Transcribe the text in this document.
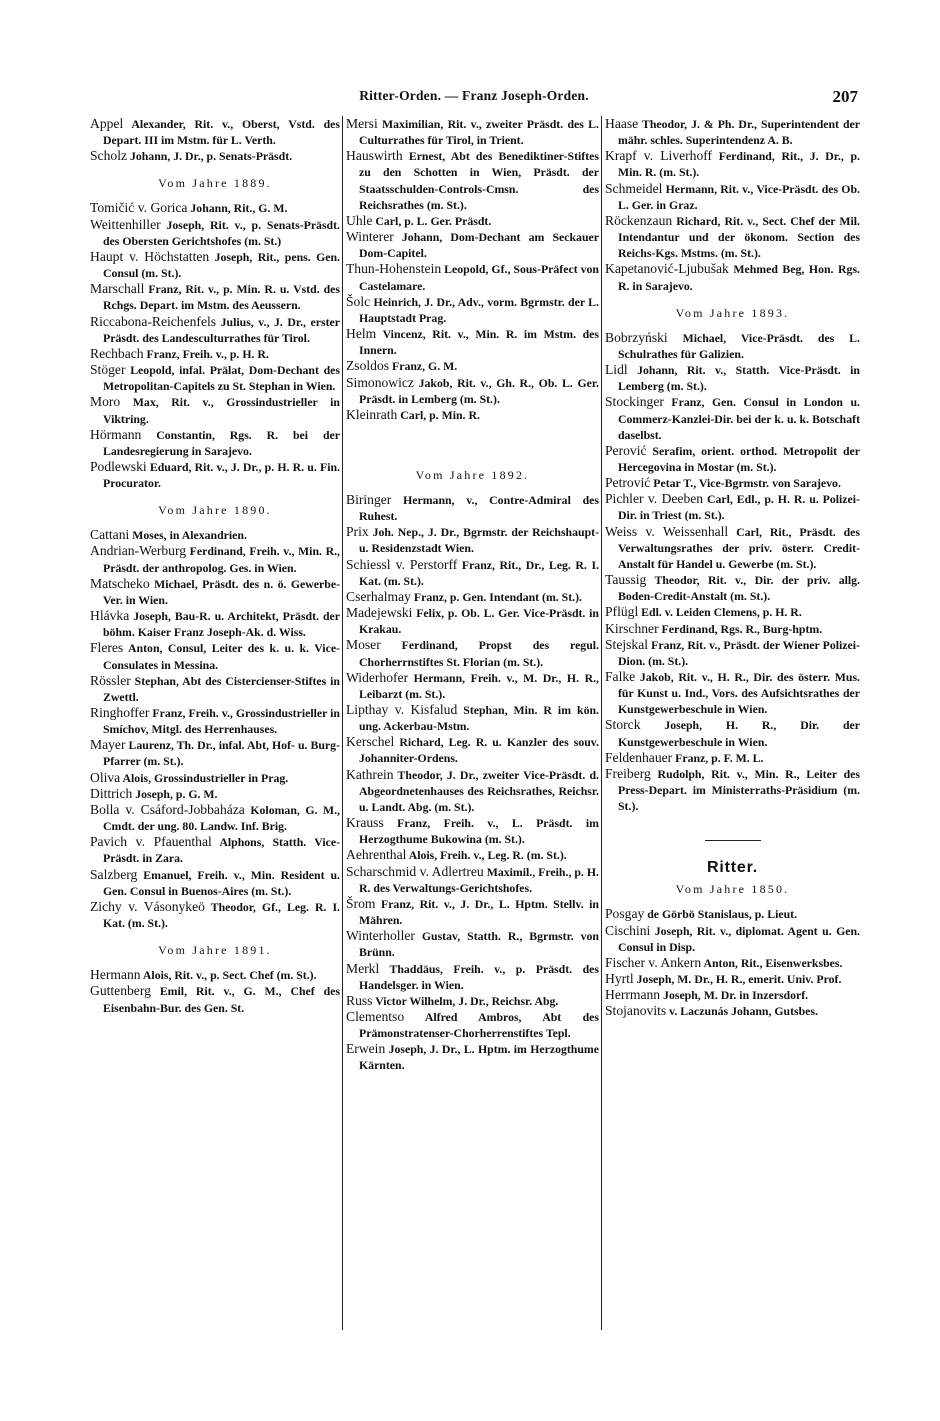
Ritter-Orden. — Franz Joseph-Orden.	207
Appel Alexander, Rit. v., Oberst, Vstd. des Depart. III im Mstm. für L. Verth.
Scholz Johann, J. Dr., p. Senats-Präsdt.
Vom Jahre 1889.
Tomičić v. Gorica Johann, Rit., G. M.
Weittenhiller Joseph, Rit. v., p. Senats-Präsdt. des Obersten Gerichtshofes (m. St.)
Haupt v. Höchstatten Joseph, Rit., pens. Gen. Consul (m. St.).
Marschall Franz, Rit. v., p. Min. R. u. Vstd. des Rchgs. Depart. im Mstm. des Aeussern.
Riccabona-Reichenfels Julius, v., J. Dr., erster Präsdt. des Landesculturrathes für Tirol.
Rechbach Franz, Freih. v., p. H. R.
Stöger Leopold, infal. Prälat, Dom-Dechant des Metropolitan-Capitels zu St. Stephan in Wien.
Moro Max, Rit. v., Grossindustrieller in Viktring.
Hörmann Constantin, Rgs. R. bei der Landesregierung in Sarajevo.
Podlewski Eduard, Rit. v., J. Dr., p. H. R. u. Fin. Procurator.
Vom Jahre 1890.
Cattani Moses, in Alexandrien.
Andrian-Werburg Ferdinand, Freih. v., Min. R., Präsdt. der anthropolog. Ges. in Wien.
Matscheko Michael, Präsdt. des n. ö. Gewerbe-Ver. in Wien.
Hlávka Joseph, Bau-R. u. Architekt, Präsdt. der böhm. Kaiser Franz Joseph-Ak. d. Wiss.
Fleres Anton, Consul, Leiter des k. u. k. Vice-Consulates in Messina.
Rössler Stephan, Abt des Cistercienser-Stiftes in Zwettl.
Ringhoffer Franz, Freih. v., Grossindustrieller in Smíchov, Mitgl. des Herrenhauses.
Mayer Laurenz, Th. Dr., infal. Abt, Hof- u. Burg-Pfarrer (m. St.).
Oliva Alois, Grossindustrieller in Prag.
Dittrich Joseph, p. G. M.
Bolla v. Csáford-Jobbaháza Koloman, G. M., Cmdt. der ung. 80. Landw. Inf. Brig.
Pavich v. Pfauenthal Alphons, Statth. Vice-Präsdt. in Zara.
Salzberg Emanuel, Freih. v., Min. Resident u. Gen. Consul in Buenos-Aires (m. St.).
Zichy v. Vásonykeö Theodor, Gf., Leg. R. I. Kat. (m. St.).
Vom Jahre 1891.
Hermann Alois, Rit. v., p. Sect. Chef (m. St.).
Guttenberg Emil, Rit. v., G. M., Chef des Eisenbahn-Bur. des Gen. St.
Mersi Maximilian, Rit. v., zweiter Präsdt. des L. Culturrathes für Tirol, in Trient.
Hauswirth Ernest, Abt des Benediktiner-Stiftes zu den Schotten in Wien, Präsdt. der Staatsschulden-Controls-Cmsn. des Reichsrathes (m. St.).
Uhle Carl, p. L. Ger. Präsdt.
Winterer Johann, Dom-Dechant am Seckauer Dom-Capitel.
Thun-Hohenstein Leopold, Gf., Sous-Präfect von Castelamare.
Šolc Heinrich, J. Dr., Adv., vorm. Bgrmstr. der L. Hauptstadt Prag.
Helm Vincenz, Rit. v., Min. R. im Mstm. des Innern.
Zsoldos Franz, G. M.
Simonowicz Jakob, Rit. v., Gh. R., Ob. L. Ger. Präsdt. in Lemberg (m. St.).
Kleinrath Carl, p. Min. R.
Vom Jahre 1892.
Biringer Hermann, v., Contre-Admiral des Ruhest.
Prix Joh. Nep., J. Dr., Bgrmstr. der Reichshaupt- u. Residenzstadt Wien.
Schiessl v. Perstorff Franz, Rit., Dr., Leg. R. I. Kat. (m. St.).
Cserhalmay Franz, p. Gen. Intendant (m. St.).
Madejewski Felix, p. Ob. L. Ger. Vice-Präsdt. in Krakau.
Moser Ferdinand, Propst des regul. Chorherrnstiftes St. Florian (m. St.).
Widerhofer Hermann, Freih. v., M. Dr., H. R., Leibarzt (m. St.).
Lipthay v. Kisfalud Stephan, Min. R im kön. ung. Ackerbau-Mstm.
Kerschel Richard, Leg. R. u. Kanzler des souv. Johanniter-Ordens.
Kathrein Theodor, J. Dr., zweiter Vice-Präsdt. d. Abgeordnetenhauses des Reichsrathes, Reichsr. u. Landt. Abg. (m. St.).
Krauss Franz, Freih. v., L. Präsdt. im Herzogthume Bukowina (m. St.).
Aehrenthal Alois, Freih. v., Leg. R. (m. St.).
Scharschmid v. Adlertreu Maximil., Freih., p. H. R. des Verwaltungs-Gerichtshofes.
Šrom Franz, Rit. v., J. Dr., L. Hptm. Stellv. in Mähren.
Winterholler Gustav, Statth. R., Bgrmstr. von Brünn.
Merkl Thaddäus, Freih. v., p. Präsdt. des Handelsger. in Wien.
Russ Victor Wilhelm, J. Dr., Reichsr. Abg.
Clementso Alfred Ambros, Abt des Prämonstratenser-Chorherrenstiftes Tepl.
Erwein Joseph, J. Dr., L. Hptm. im Herzogthume Kärnten.
Haase Theodor, J. & Ph. Dr., Superintendent der mähr. schles. Superintendenz A. B.
Krapf v. Liverhoff Ferdinand, Rit., J. Dr., p. Min. R. (m. St.).
Schmeidel Hermann, Rit. v., Vice-Präsdt. des Ob. L. Ger. in Graz.
Röckenzaun Richard, Rit. v., Sect. Chef der Mil. Intendantur und der ökonom. Section des Reichs-Kgs. Mstms. (m. St.).
Kapetanović-Ljubušak Mehmed Beg, Hon. Rgs. R. in Sarajevo.
Vom Jahre 1893.
Bobrzyński Michael, Vice-Präsdt. des L. Schulrathes für Galizien.
Lidl Johann, Rit. v., Statth. Vice-Präsdt. in Lemberg (m. St.).
Stockinger Franz, Gen. Consul in London u. Commerz-Kanzlei-Dir. bei der k. u. k. Botschaft daselbst.
Perović Serafim, orient. orthod. Metropolit der Hercegovina in Mostar (m. St.).
Petrović Petar T., Vice-Bgrmstr. von Sarajevo.
Pichler v. Deeben Carl, Edl., p. H. R. u. Polizei-Dir. in Triest (m. St.).
Weiss v. Weissenhall Carl, Rit., Präsdt. des Verwaltungsrathes der priv. österr. Credit-Anstalt für Handel u. Gewerbe (m. St.).
Taussig Theodor, Rit. v., Dir. der priv. allg. Boden-Credit-Anstalt (m. St.).
Pflügl Edl. v. Leiden Clemens, p. H. R.
Kirschner Ferdinand, Rgs. R., Burg-hptm.
Stejskal Franz, Rit. v., Präsdt. der Wiener Polizei-Dion. (m. St.).
Falke Jakob, Rit. v., H. R., Dir. des österr. Mus. für Kunst u. Ind., Vors. des Aufsichtsrathes der Kunstgewerbeschule in Wien.
Storck Joseph, H. R., Dir. der Kunstgewerbeschule in Wien.
Feldenhauer Franz, p. F. M. L.
Freiberg Rudolph, Rit. v., Min. R., Leiter des Press-Depart. im Ministerraths-Präsidium (m. St.).
Ritter.
Vom Jahre 1850.
Posgay de Görbö Stanislaus, p. Lieut.
Cischini Joseph, Rit. v., diplomat. Agent u. Gen. Consul in Disp.
Fischer v. Ankern Anton, Rit., Eisenwerksbes.
Hyrtl Joseph, M. Dr., H. R., emerit. Univ. Prof.
Herrmann Joseph, M. Dr. in Inzersdorf.
Stojanovits v. Laczunás Johann, Gutsbes.
